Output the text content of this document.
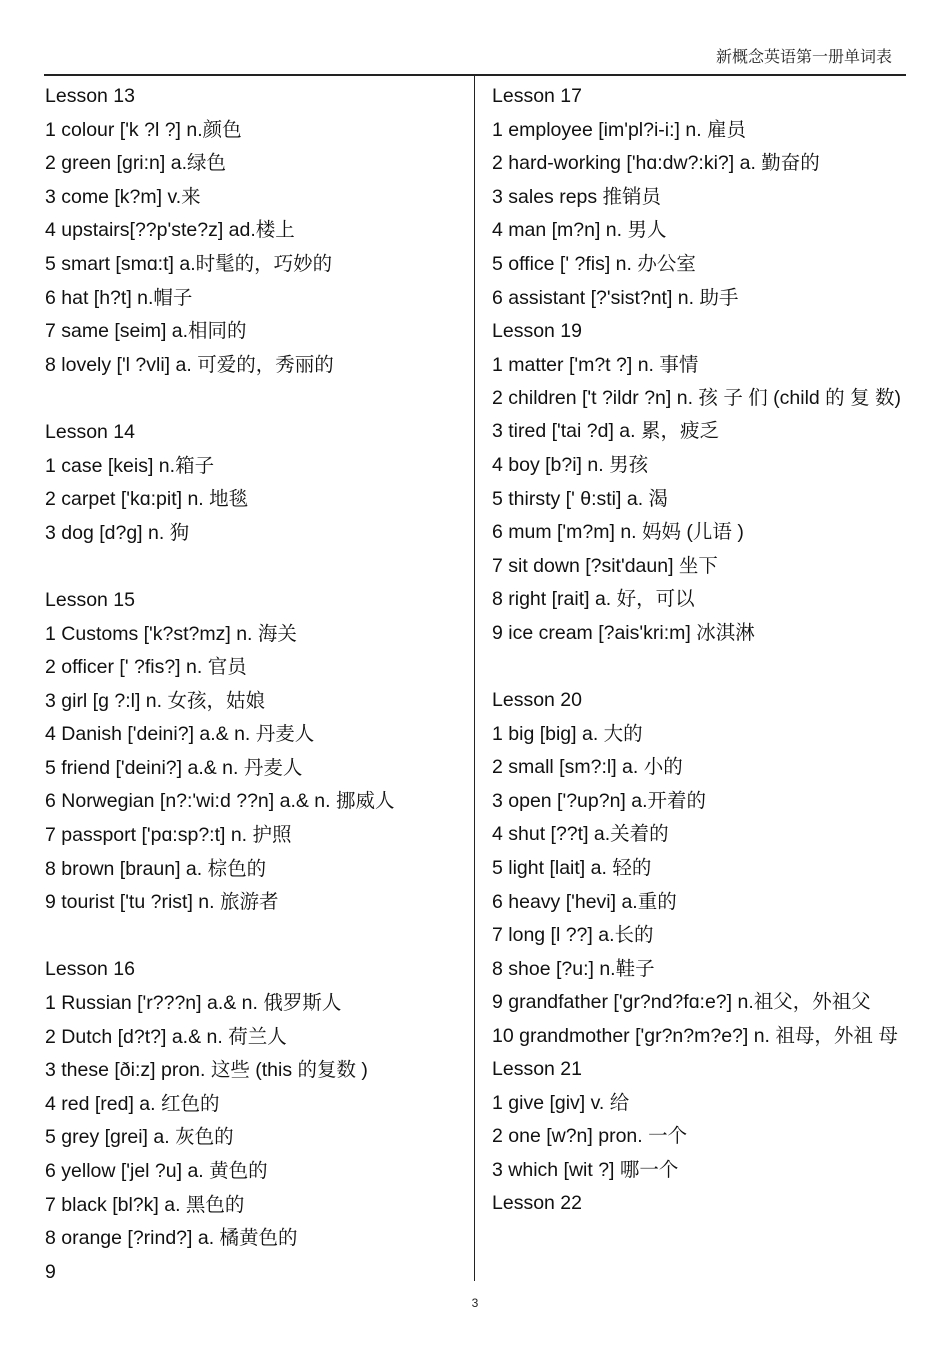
新概念英语第一册单词表
Lesson 13
1 colour ['k ?l ?] n.颜色
2 green [gri:n] a.绿色
3 come [k?m] v.来
4 upstairs[??p'ste?z] ad.楼上
5 smart [smɑ:t] a.时髦的，巧妙的
6 hat [h?t] n.帽子
7 same [seim] a.相同的
8 lovely ['l ?vli] a. 可爱的，秀丽的
Lesson 14
1 case [keis] n.箱子
2 carpet ['kɑ:pit] n. 地毯
3 dog [d?g] n. 狗
Lesson 15
1 Customs ['k?st?mz] n. 海关
2 officer [' ?fis?] n. 官员
3 girl [g ?:l] n. 女孩，姑娘
4 Danish ['deini?] a.& n. 丹麦人
5 friend ['deini?] a.& n. 丹麦人
6 Norwegian [n?:'wi:d ??n] a.& n. 挪威人
7 passport ['pɑ:sp?:t] n. 护照
8 brown [braun] a. 棕色的
9 tourist ['tu ?rist] n. 旅游者
Lesson 16
1 Russian ['r???n] a.& n. 俄罗斯人
2 Dutch [d?t?] a.& n. 荷兰人
3 these [ði:z] pron. 这些 (this 的复数 )
4 red [red] a. 红色的
5 grey [grei] a. 灰色的
6 yellow ['jel ?u] a. 黄色的
7 black [bl?k] a. 黑色的
8 orange [?rind?] a. 橘黄色的
9
Lesson 17
1 employee [im'pl?i-i:] n. 雇员
2 hard-working ['hɑ:dw?:ki?] a. 勤奋的
3 sales reps 推销员
4 man [m?n] n. 男人
5 office [' ?fis] n. 办公室
6 assistant [?'sist?nt] n. 助手
Lesson 19
1 matter ['m?t ?] n. 事情
2 children ['t ?ildr ?n] n. 孩 子 们 (child 的 复 数)
3 tired ['tai ?d] a. 累，疲乏
4 boy [b?i] n. 男孩
5 thirsty [' θ:sti] a. 渴
6 mum ['m?m] n. 妈妈 (儿语 )
7 sit down [?sit'daun] 坐下
8 right [rait] a. 好，可以
9 ice cream [?ais'kri:m] 冰淇淋
Lesson 20
1 big [big] a. 大的
2 small [sm?:l] a. 小的
3 open ['?up?n] a.开着的
4 shut [??t] a.关着的
5 light [lait] a. 轻的
6 heavy ['hevi] a.重的
7 long [l ??] a.长的
8 shoe [?u:] n.鞋子
9 grandfather ['gr?nd?fɑ:e?] n.祖父，外祖父
10 grandmother ['gr?n?m?e?] n. 祖母，外祖 母
Lesson 21
1 give [giv] v. 给
2 one [w?n] pron. 一个
3 which [wit ?] 哪一个
Lesson 22
3
